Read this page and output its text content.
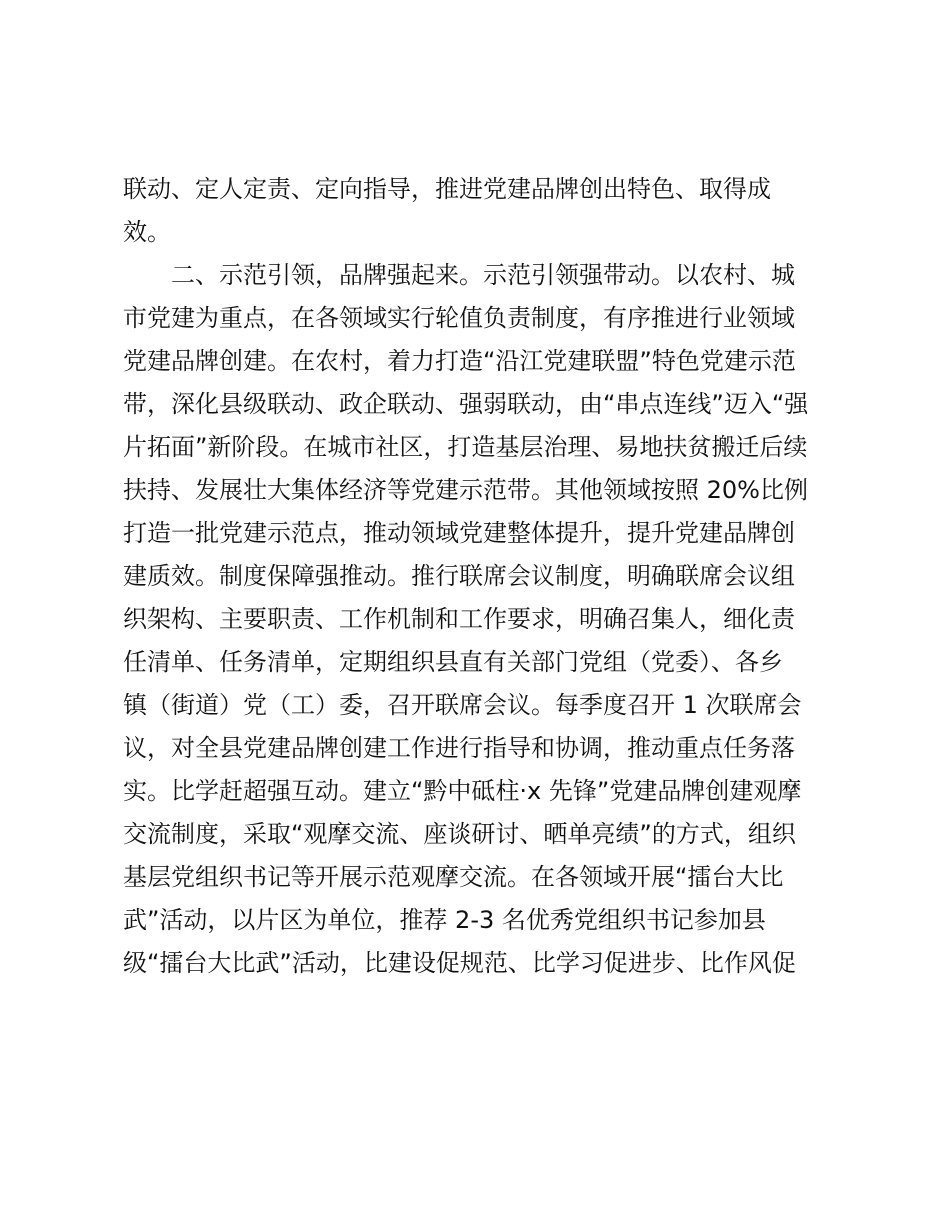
联动、定人定责、定向指导，推进党建品牌创出特色、取得成
效。
二、示范引领，品牌强起来。示范引领强带动。以农村、城
市党建为重点，在各领域实行轮值负责制度，有序推进行业领域
党建品牌创建。在农村，着力打造“沿江党建联盟”特色党建示范
带，深化县级联动、政企联动、强弱联动，由“串点连线”迈入“强
片拓面”新阶段。在城市社区，打造基层治理、易地扶贫搬迁后续
扶持、发展壮大集体经济等党建示范带。其他领域按照 20%比例
打造一批党建示范点，推动领域党建整体提升，提升党建品牌创
建质效。制度保障强推动。推行联席会议制度，明确联席会议组
织架构、主要职责、工作机制和工作要求，明确召集人，细化责
任清单、任务清单，定期组织县直有关部门党组（党委）、各乡
镇（街道）党（工）委，召开联席会议。每季度召开 1 次联席会
议，对全县党建品牌创建工作进行指导和协调，推动重点任务落
实。比学赶超强互动。建立“黔中砥柱·x 先锋”党建品牌创建观摩
交流制度，采取“观摩交流、座谈研讨、晒单亮绩”的方式，组织
基层党组织书记等开展示范观摩交流。在各领域开展“擂台大比
武”活动，以片区为单位，推荐 2-3 名优秀党组织书记参加县
级“擂台大比武”活动，比建设促规范、比学习促进步、比作风促
